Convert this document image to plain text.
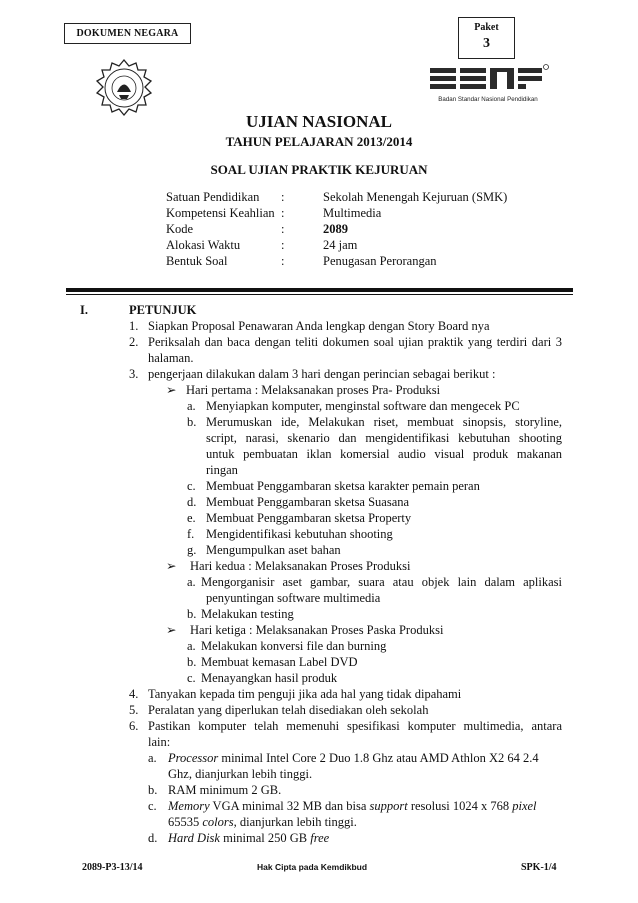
DOKUMEN NEGARA
Paket
3
Badan Standar Nasional Pendidikan
UJIAN NASIONAL
TAHUN PELAJARAN 2013/2014
SOAL UJIAN PRAKTIK KEJURUAN
Satuan Pendidikan	:	Sekolah Menengah Kejuruan (SMK)
Kompetensi Keahlian :	Multimedia
Kode	:	2089
Alokasi Waktu	:	24 jam
Bentuk Soal	:	Penugasan Perorangan
I.	PETUNJUK
1. Siapkan Proposal Penawaran Anda lengkap dengan Story Board nya
2. Periksalah dan baca dengan teliti dokumen soal ujian praktik yang terdiri dari 3
halaman.
3. pengerjaan dilakukan dalam 3 hari dengan perincian sebagai berikut :
➢ Hari pertama : Melaksanakan proses Pra- Produksi
a. Menyiapkan komputer, menginstal software dan mengecek PC
b. Merumuskan ide, Melakukan riset, membuat sinopsis, storyline,
script, narasi, skenario dan mengidentifikasi kebutuhan shooting
untuk pembuatan iklan komersial audio visual produk makanan
ringan
c. Membuat Penggambaran sketsa karakter pemain peran
d. Membuat Penggambaran sketsa Suasana
e. Membuat Penggambaran sketsa Property
f. Mengidentifikasi kebutuhan shooting
g. Mengumpulkan aset bahan
➢ Hari kedua : Melaksanakan Proses Produksi
a. Mengorganisir aset gambar, suara atau objek lain dalam aplikasi
penyuntingan software multimedia
b. Melakukan testing
➢ Hari ketiga : Melaksanakan Proses Paska Produksi
a. Melakukan konversi file dan burning
b. Membuat kemasan Label DVD
c. Menayangkan hasil produk
4. Tanyakan kepada tim penguji jika ada hal yang tidak dipahami
5. Peralatan yang diperlukan telah disediakan oleh sekolah
6. Pastikan komputer telah memenuhi spesifikasi komputer multimedia, antara
lain:
a. Processor minimal Intel Core 2 Duo 1.8 Ghz atau AMD Athlon X2 64 2.4
Ghz, dianjurkan lebih tinggi.
b. RAM minimum 2 GB.
c. Memory VGA minimal 32 MB dan bisa support resolusi 1024 x 768 pixel
65535 colors, dianjurkan lebih tinggi.
d. Hard Disk minimal 250 GB free
2089-P3-13/14	Hak Cipta pada Kemdikbud	SPK-1/4
